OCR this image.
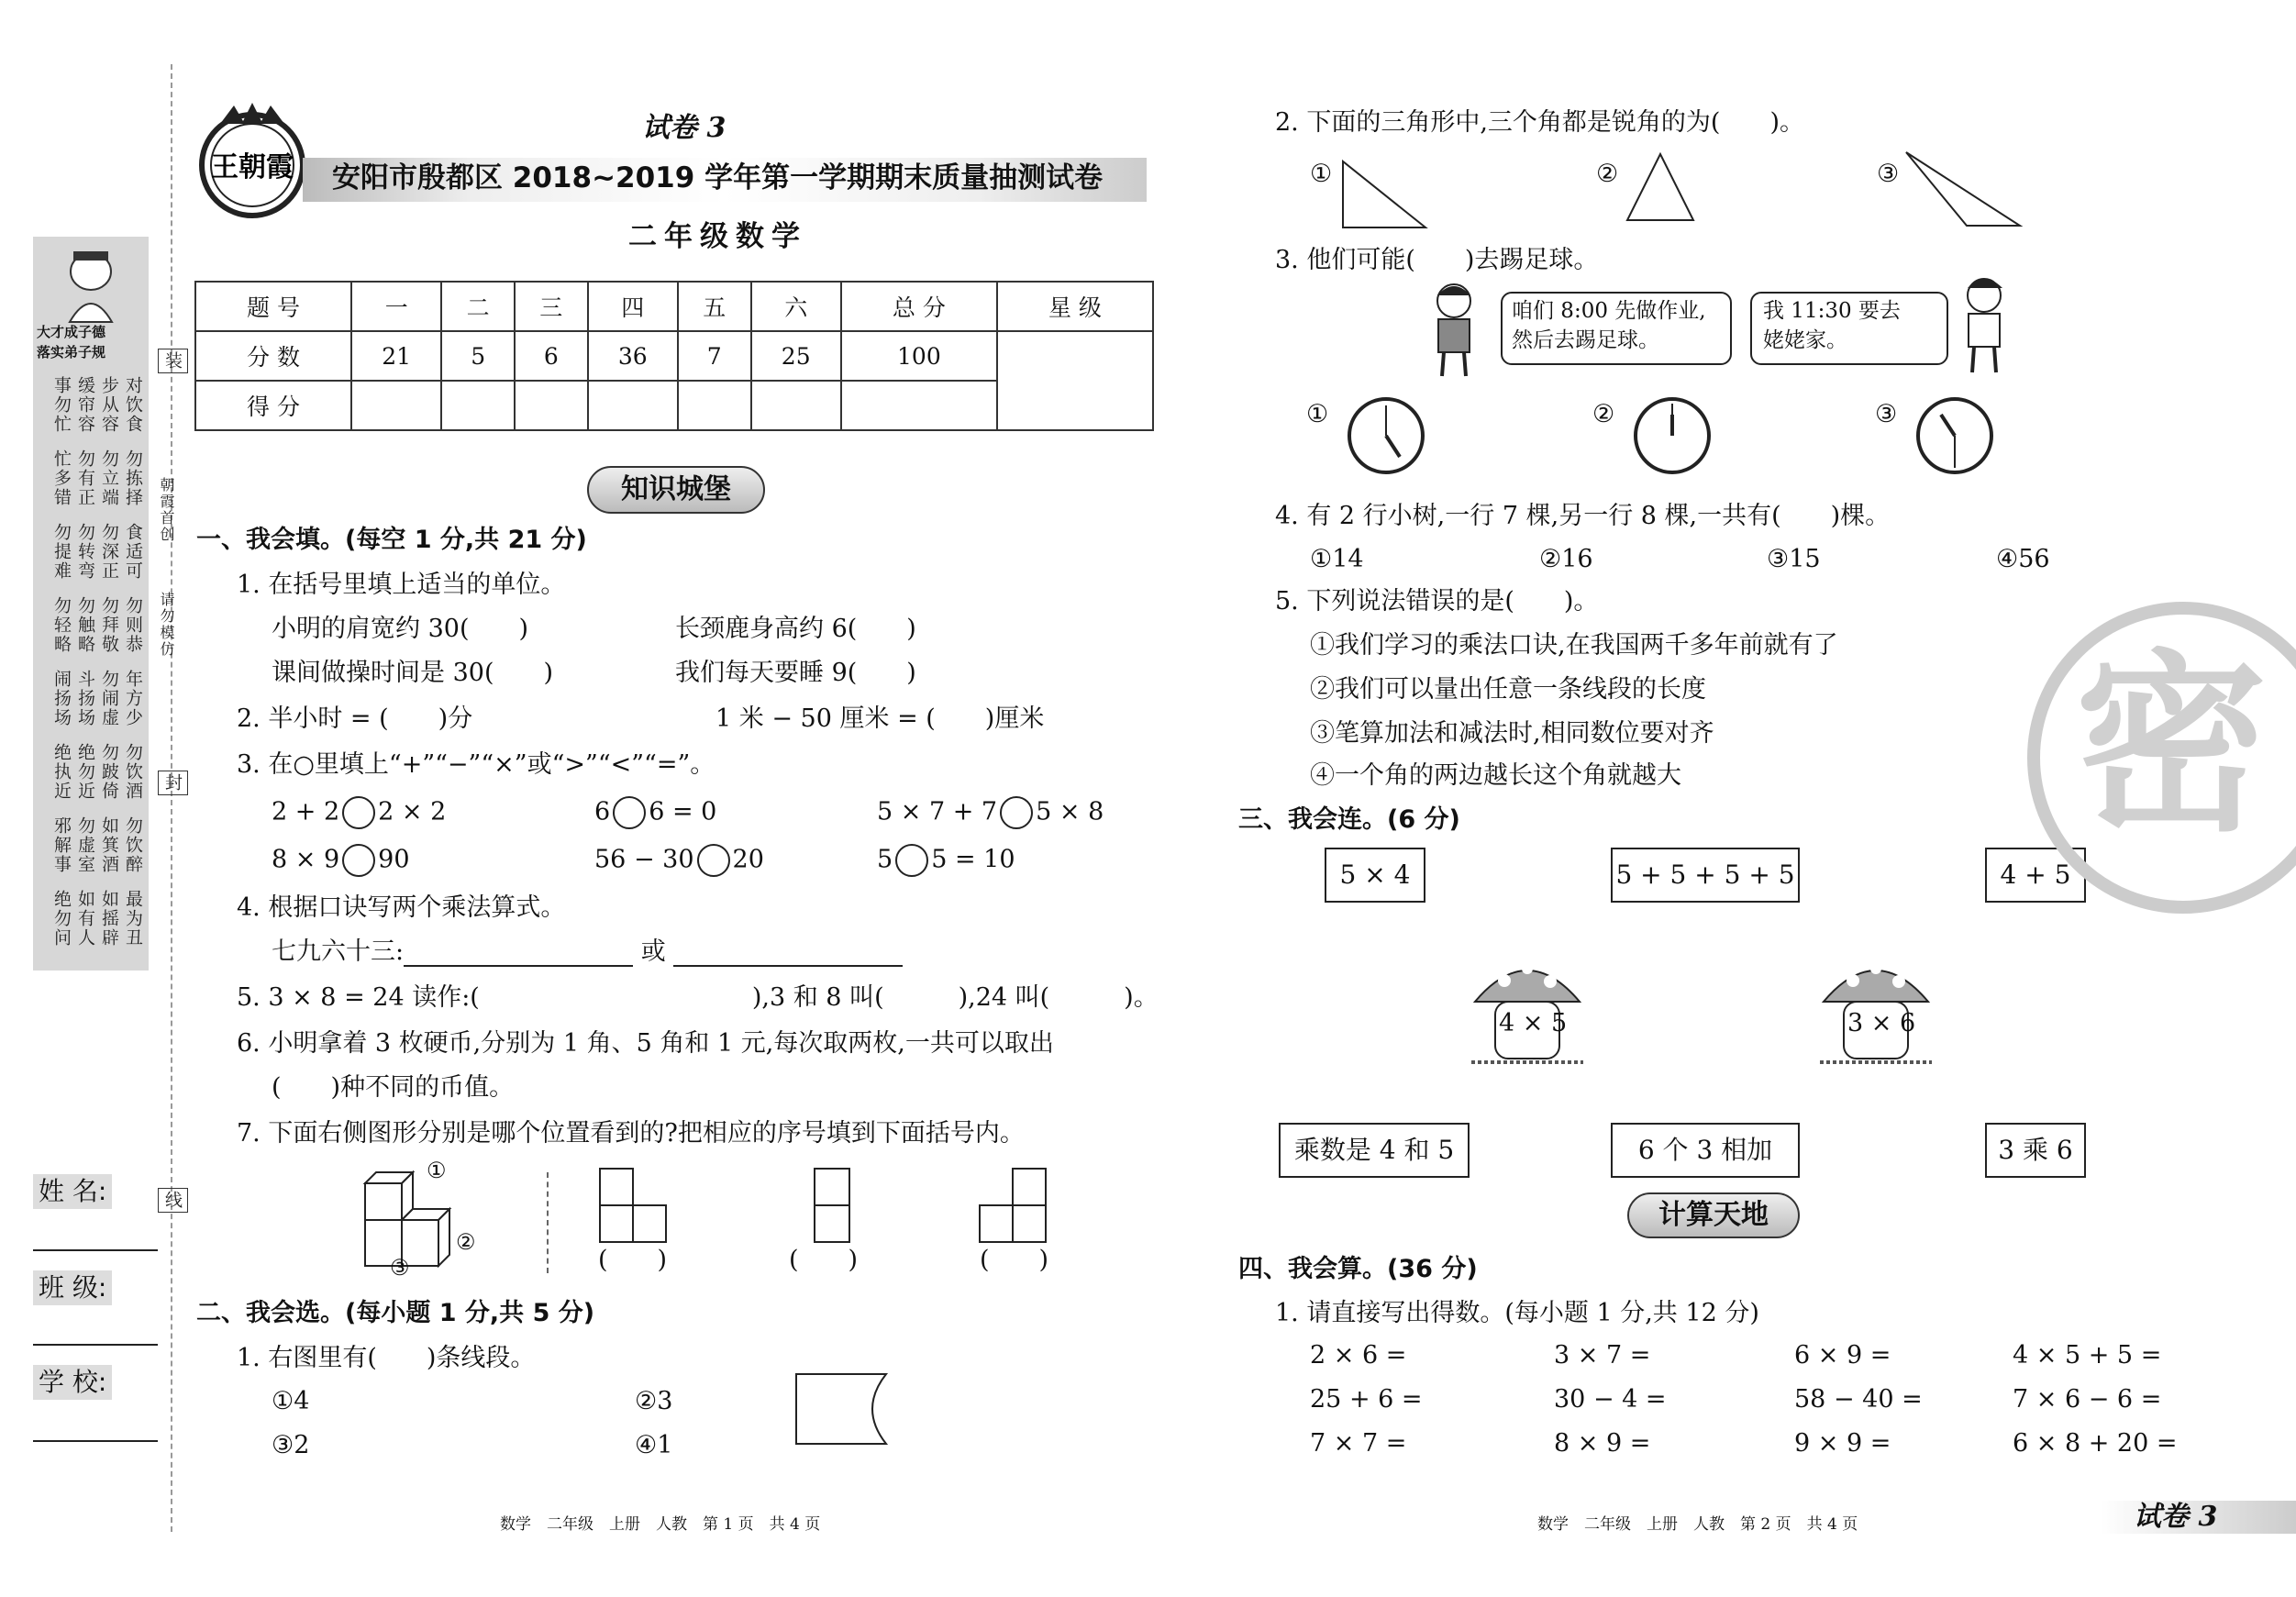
大才成子德
落实弟子规
对饮食
步从容
缓帘容
事勿忙
勿拣择
勿立端
勿有正
忙多错
食适可
勿深正
勿转弯
勿提难
勿则恭
勿拜敬
勿触略
勿轻略
年方少
勿闹虚
斗扬场
闹扬场
勿饮酒
勿跛倚
绝勿近
绝执近
勿饮醉
如箕酒
勿虚室
邪解事
最为丑
如摇辟
如有人
绝勿问
装
朝霞首创
请勿模仿
封
线
姓 名:
班 级:
学 校:
王朝霞
试卷 3
安阳市殷都区 2018~2019 学年第一学期期末质量抽测试卷
二年级数学
题 号	一	二	三	四	五	六	总 分	星 级
分 数	21	5	6	36	7	25	100	
得 分								
知识城堡
一、我会填。(每空 1 分,共 21 分)
1. 在括号里填上适当的单位。
小明的肩宽约 30(　　)	长颈鹿身高约 6(　　)
课间做操时间是 30(　　)	我们每天要睡 9(　　)
2. 半小时 = (　　)分	1 米 − 50 厘米 = (　　)厘米
3. 在○里填上“+”“−”“×”或“>”“<”“=”。
2 + 2 2 × 2	6 6 = 0	5 × 7 + 7 5 × 8
8 × 9 90	56 − 30 20	5 5 = 10
4. 根据口诀写两个乘法算式。
七九六十三:	或
5. 3 × 8 = 24 读作:(　　　　　　　　　　　),3 和 8 叫(　　　),24 叫(　　　)。
6. 小明拿着 3 枚硬币,分别为 1 角、5 角和 1 元,每次取两枚,一共可以取出
(　　)种不同的币值。
7. 下面右侧图形分别是哪个位置看到的?把相应的序号填到下面括号内。
①
②
③	(　　)	(　　)	(　　)
二、我会选。(每小题 1 分,共 5 分)
1. 右图里有(　　)条线段。
①4	②3
③2	④1
数学　二年级　上册　人教　第 1 页　共 4 页
2. 下面的三角形中,三个角都是锐角的为(　　)。
①	②	③
3. 他们可能(　　)去踢足球。
咱们 8:00 先做作业,
然后去踢足球。
我 11:30 要去
姥姥家。
①	②	③
4. 有 2 行小树,一行 7 棵,另一行 8 棵,一共有(　　)棵。
①14	②16	③15	④56
5. 下列说法错误的是(　　)。
①我们学习的乘法口诀,在我国两千多年前就有了
②我们可以量出任意一条线段的长度
③笔算加法和减法时,相同数位要对齐
④一个角的两边越长这个角就越大
三、我会连。(6 分)
5 × 4	5 + 5 + 5 + 5	4 + 5
4 × 5	3 × 6
乘数是 4 和 5	6 个 3 相加	3 乘 6
计算天地
四、我会算。(36 分)
1. 请直接写出得数。(每小题 1 分,共 12 分)
2 × 6 =	3 × 7 =	6 × 9 =	4 × 5 + 5 =
25 + 6 =	30 − 4 =	58 − 40 =	7 × 6 − 6 =
7 × 7 =	8 × 9 =	9 × 9 =	6 × 8 + 20 =
数学　二年级　上册　人教　第 2 页　共 4 页	试卷 3
密
